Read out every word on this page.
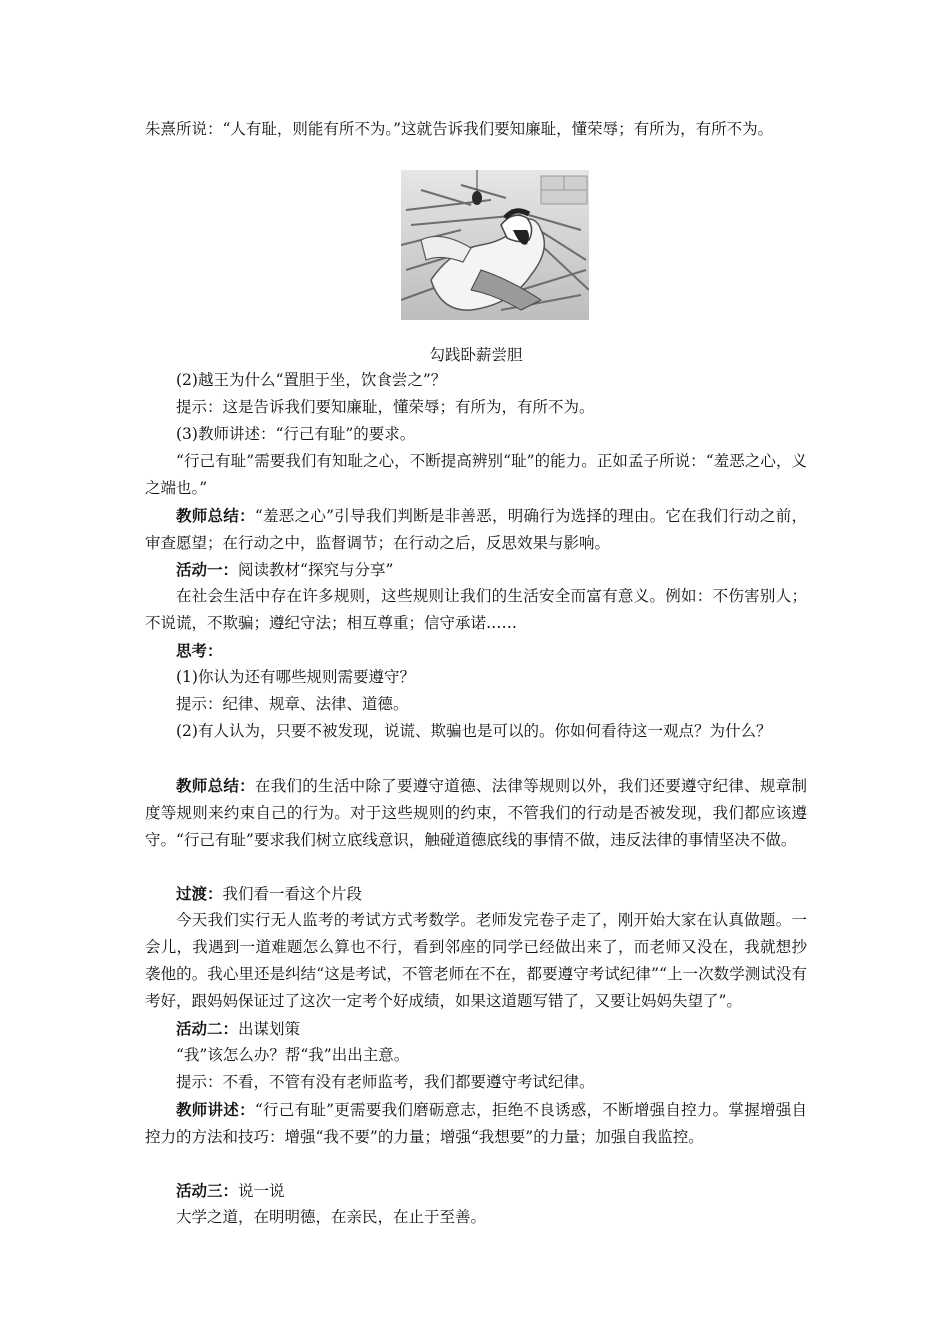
朱熹所说：“人有耻，则能有所不为。”这就告诉我们要知廉耻，懂荣辱；有所为，有所不为。

勾践卧薪尝胆

(2)越王为什么“置胆于坐，饮食尝之”？

提示：这是告诉我们要知廉耻，懂荣辱；有所为，有所不为。

(3)教师讲述：“行己有耻”的要求。

“行己有耻”需要我们有知耻之心，不断提高辨别“耻”的能力。正如孟子所说：“羞恶之心，义之端也。”

教师总结：“羞恶之心”引导我们判断是非善恶，明确行为选择的理由。它在我们行动之前，审查愿望；在行动之中，监督调节；在行动之后，反思效果与影响。

活动一：阅读教材“探究与分享”

在社会生活中存在许多规则，这些规则让我们的生活安全而富有意义。例如：不伤害别人；不说谎，不欺骗；遵纪守法；相互尊重；信守承诺……

思考：

(1)你认为还有哪些规则需要遵守？

提示：纪律、规章、法律、道德。

(2)有人认为，只要不被发现，说谎、欺骗也是可以的。你如何看待这一观点？为什么？

教师总结：在我们的生活中除了要遵守道德、法律等规则以外，我们还要遵守纪律、规章制度等规则来约束自己的行为。对于这些规则的约束，不管我们的行动是否被发现，我们都应该遵守。“行己有耻”要求我们树立底线意识，触碰道德底线的事情不做，违反法律的事情坚决不做。

过渡：我们看一看这个片段

今天我们实行无人监考的考试方式考数学。老师发完卷子走了，刚开始大家在认真做题。一会儿，我遇到一道难题怎么算也不行，看到邻座的同学已经做出来了，而老师又没在，我就想抄袭他的。我心里还是纠结“这是考试，不管老师在不在，都要遵守考试纪律”“上一次数学测试没有考好，跟妈妈保证过了这次一定考个好成绩，如果这道题写错了，又要让妈妈失望了”。

活动二：出谋划策

“我”该怎么办？帮“我”出出主意。

提示：不看，不管有没有老师监考，我们都要遵守考试纪律。

教师讲述：“行己有耻”更需要我们磨砺意志，拒绝不良诱惑，不断增强自控力。掌握增强自控力的方法和技巧：增强“我不要”的力量；增强“我想要”的力量；加强自我监控。

活动三：说一说

大学之道，在明明德，在亲民，在止于至善。
